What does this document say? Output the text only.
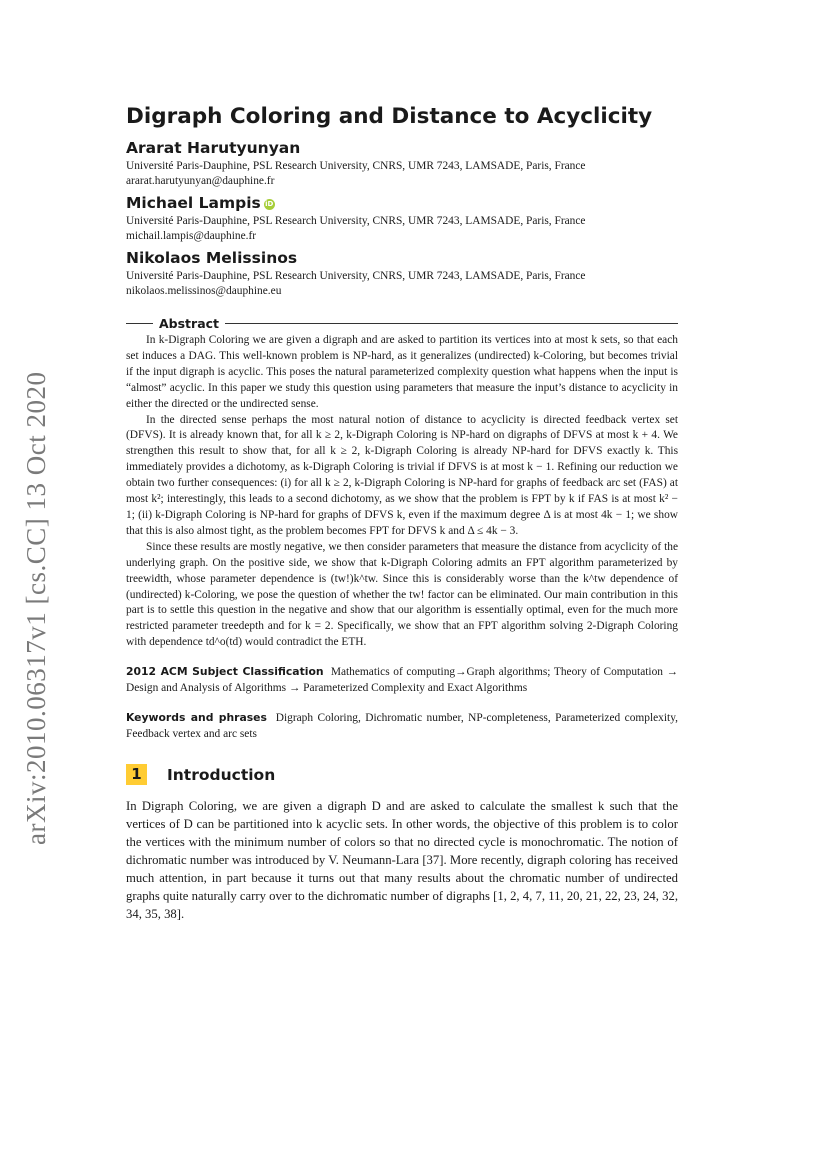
arXiv:2010.06317v1 [cs.CC] 13 Oct 2020
Digraph Coloring and Distance to Acyclicity
Ararat Harutyunyan
Université Paris-Dauphine, PSL Research University, CNRS, UMR 7243, LAMSADE, Paris, France
ararat.harutyunyan@dauphine.fr
Michael Lampis iD
Université Paris-Dauphine, PSL Research University, CNRS, UMR 7243, LAMSADE, Paris, France
michail.lampis@dauphine.fr
Nikolaos Melissinos
Université Paris-Dauphine, PSL Research University, CNRS, UMR 7243, LAMSADE, Paris, France
nikolaos.melissinos@dauphine.eu
Abstract

In k-Digraph Coloring we are given a digraph and are asked to partition its vertices into at most k sets, so that each set induces a DAG. This well-known problem is NP-hard, as it generalizes (undirected) k-Coloring, but becomes trivial if the input digraph is acyclic. This poses the natural parameterized complexity question what happens when the input is “almost” acyclic. In this paper we study this question using parameters that measure the input’s distance to acyclicity in either the directed or the undirected sense.

In the directed sense perhaps the most natural notion of distance to acyclicity is directed feedback vertex set (DFVS). It is already known that, for all k ≥ 2, k-Digraph Coloring is NP-hard on digraphs of DFVS at most k + 4. We strengthen this result to show that, for all k ≥ 2, k-Digraph Coloring is already NP-hard for DFVS exactly k. This immediately provides a dichotomy, as k-Digraph Coloring is trivial if DFVS is at most k − 1. Refining our reduction we obtain two further consequences: (i) for all k ≥ 2, k-Digraph Coloring is NP-hard for graphs of feedback arc set (FAS) at most k²; interestingly, this leads to a second dichotomy, as we show that the problem is FPT by k if FAS is at most k² − 1; (ii) k-Digraph Coloring is NP-hard for graphs of DFVS k, even if the maximum degree Δ is at most 4k − 1; we show that this is also almost tight, as the problem becomes FPT for DFVS k and Δ ≤ 4k − 3.

Since these results are mostly negative, we then consider parameters that measure the distance from acyclicity of the underlying graph. On the positive side, we show that k-Digraph Coloring admits an FPT algorithm parameterized by treewidth, whose parameter dependence is (tw!)k^tw. Since this is considerably worse than the k^tw dependence of (undirected) k-Coloring, we pose the question of whether the tw! factor can be eliminated. Our main contribution in this part is to settle this question in the negative and show that our algorithm is essentially optimal, even for the much more restricted parameter treedepth and for k = 2. Specifically, we show that an FPT algorithm solving 2-Digraph Coloring with dependence td^o(td) would contradict the ETH.

2012 ACM Subject Classification Mathematics of computing→Graph algorithms; Theory of Computation → Design and Analysis of Algorithms → Parameterized Complexity and Exact Algorithms

Keywords and phrases Digraph Coloring, Dichromatic number, NP-completeness, Parameterized complexity, Feedback vertex and arc sets

1	Introduction

In Digraph Coloring, we are given a digraph D and are asked to calculate the smallest k such that the vertices of D can be partitioned into k acyclic sets. In other words, the objective of this problem is to color the vertices with the minimum number of colors so that no directed cycle is monochromatic. The notion of dichromatic number was introduced by V. Neumann-Lara [37]. More recently, digraph coloring has received much attention, in part because it turns out that many results about the chromatic number of undirected graphs quite naturally carry over to the dichromatic number of digraphs [1, 2, 4, 7, 11, 20, 21, 22, 23, 24, 32, 34, 35, 38].
